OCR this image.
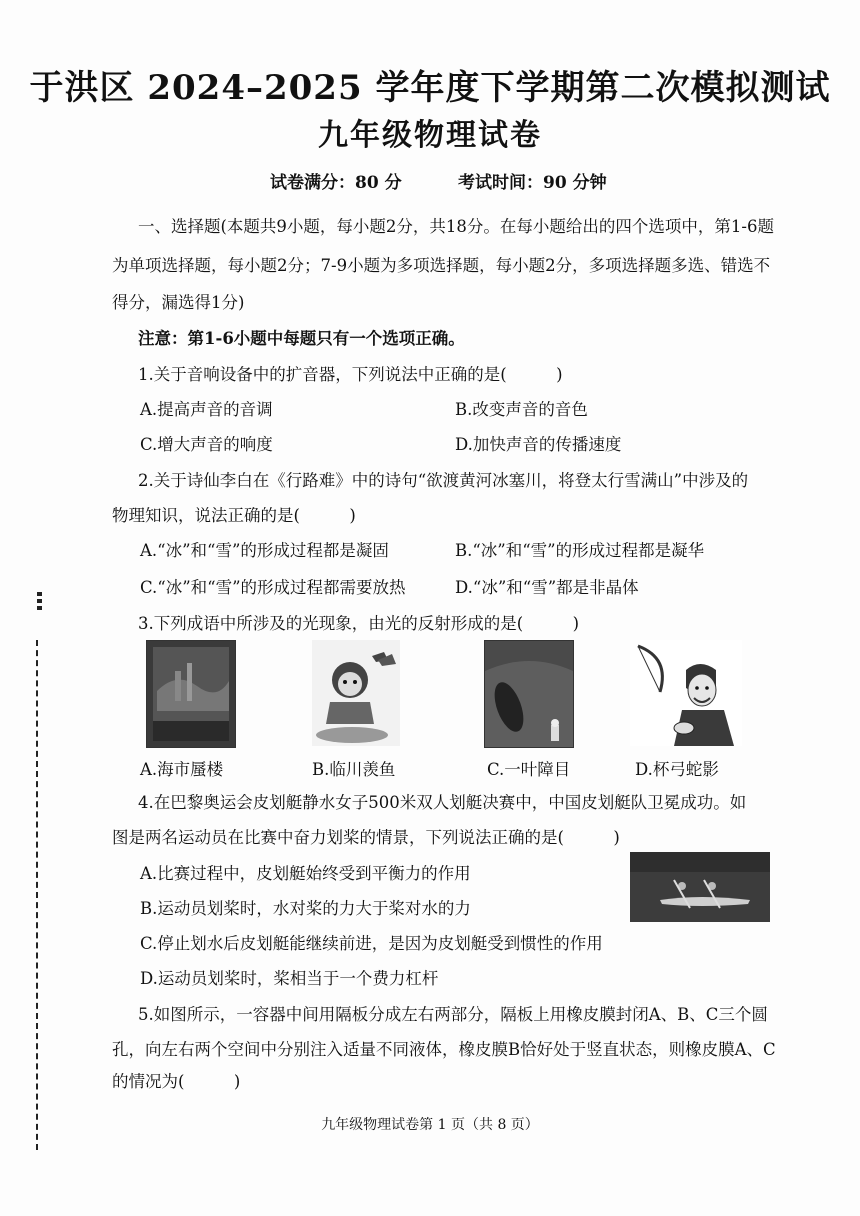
于洪区 2024–2025 学年度下学期第二次模拟测试
九年级物理试卷
试卷满分：80 分	考试时间：90 分钟
一、选择题(本题共9小题，每小题2分，共18分。在每小题给出的四个选项中，第1-6题
为单项选择题，每小题2分；7-9小题为多项选择题，每小题2分，多项选择题多选、错选不
得分，漏选得1分)
注意：第1-6小题中每题只有一个选项正确。
1.关于音响设备中的扩音器，下列说法中正确的是(　　　)
A.提高声音的音调	B.改变声音的音色
C.增大声音的响度	D.加快声音的传播速度
2.关于诗仙李白在《行路难》中的诗句“欲渡黄河冰塞川，将登太行雪满山”中涉及的
物理知识，说法正确的是(　　　)
A.“冰”和“雪”的形成过程都是凝固	B.“冰”和“雪”的形成过程都是凝华
C.“冰”和“雪”的形成过程都需要放热	D.“冰”和“雪”都是非晶体
3.下列成语中所涉及的光现象，由光的反射形成的是(　　　)
A.海市蜃楼	B.临川羡鱼	C.一叶障目	D.杯弓蛇影
4.在巴黎奥运会皮划艇静水女子500米双人划艇决赛中，中国皮划艇队卫冕成功。如
图是两名运动员在比赛中奋力划桨的情景，下列说法正确的是(　　　)
A.比赛过程中，皮划艇始终受到平衡力的作用
B.运动员划桨时，水对桨的力大于桨对水的力
C.停止划水后皮划艇能继续前进，是因为皮划艇受到惯性的作用
D.运动员划桨时，桨相当于一个费力杠杆
5.如图所示，一容器中间用隔板分成左右两部分，隔板上用橡皮膜封闭A、B、C三个圆
孔，向左右两个空间中分别注入适量不同液体，橡皮膜B恰好处于竖直状态，则橡皮膜A、C
的情况为(　　　)
九年级物理试卷第 1 页（共 8 页）
